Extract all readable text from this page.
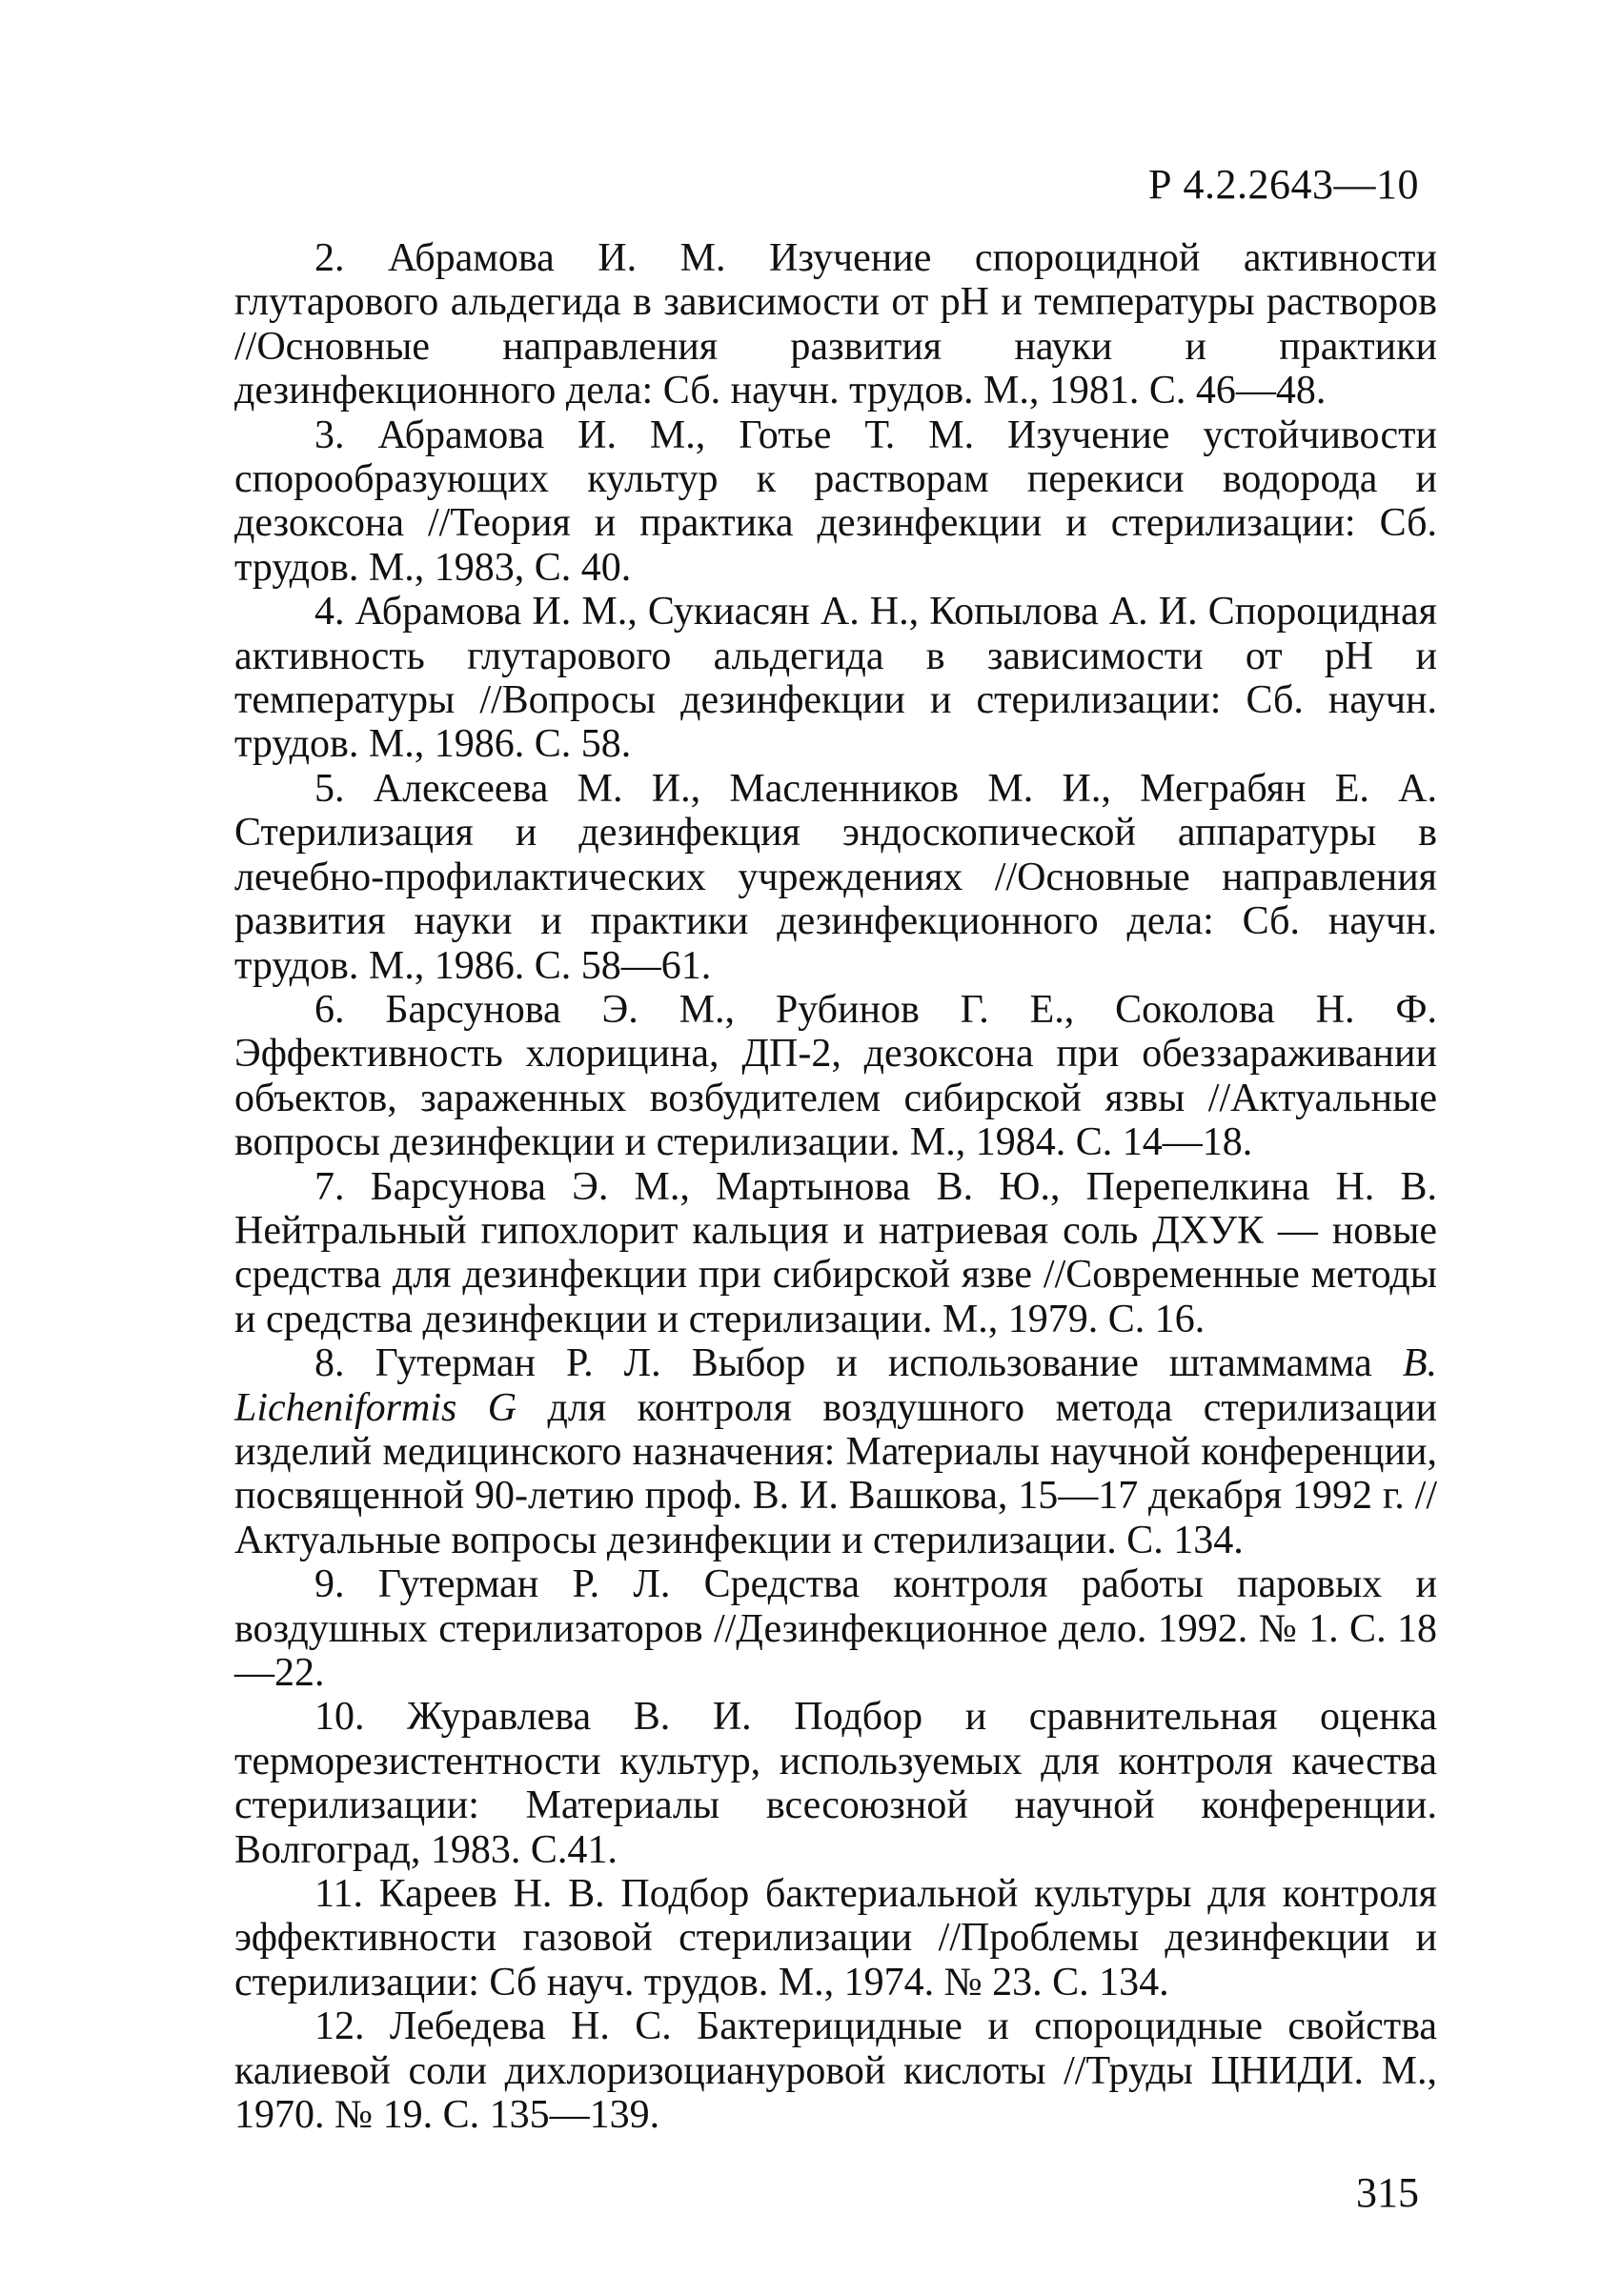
Р 4.2.2643—10

2. Абрамова И. М. Изучение спороцидной активности глутарового альдегида в зависимости от рН и температуры растворов //Основные направления развития науки и практики дезинфекционного дела: Сб. научн. трудов. М., 1981. С. 46—48.

3. Абрамова И. М., Готье Т. М. Изучение устойчивости спорообразующих культур к растворам перекиси водорода и дезоксона //Теория и практика дезинфекции и стерилизации: Сб. трудов. М., 1983, С. 40.

4. Абрамова И. М., Сукиасян А. Н., Копылова А. И. Спороцидная активность глутарового альдегида в зависимости от рН и температуры //Вопросы дезинфекции и стерилизации: Сб. научн. трудов. М., 1986. С. 58.

5. Алексеева М. И., Масленников М. И., Меграбян Е. А. Стерилизация и дезинфекция эндоскопической аппаратуры в лечебно-профилактических учреждениях //Основные направления развития науки и практики дезинфекционного дела: Сб. научн. трудов. М., 1986. С. 58—61.

6. Барсунова Э. М., Рубинов Г. Е., Соколова Н. Ф. Эффективность хлорицина, ДП-2, дезоксона при обеззараживании объектов, зараженных возбудителем сибирской язвы //Актуальные вопросы дезинфекции и стерилизации. М., 1984. С. 14—18.

7. Барсунова Э. М., Мартынова В. Ю., Перепелкина Н. В. Нейтральный гипохлорит кальция и натриевая соль ДХУК — новые средства для дезинфекции при сибирской язве //Современные методы и средства дезинфекции и стерилизации. М., 1979. С. 16.

8. Гутерман Р. Л. Выбор и использование штаммамма B. Licheniformis G для контроля воздушного метода стерилизации изделий медицинского назначения: Материалы научной конференции, посвященной 90-летию проф. В. И. Вашкова, 15—17 декабря 1992 г. //Актуальные вопросы дезинфекции и стерилизации. С. 134.

9. Гутерман Р. Л. Средства контроля работы паровых и воздушных стерилизаторов //Дезинфекционное дело. 1992. № 1. С. 18—22.

10. Журавлева В. И. Подбор и сравнительная оценка терморезистентности культур, используемых для контроля качества стерилизации: Материалы всесоюзной научной конференции. Волгоград, 1983. С.41.

11. Кареев Н. В. Подбор бактериальной культуры для контроля эффективности газовой стерилизации //Проблемы дезинфекции и стерилизации: Сб науч. трудов. М., 1974. № 23. С. 134.

12. Лебедева Н. С. Бактерицидные и спороцидные свойства калиевой соли дихлоризоциануровой кислоты //Труды ЦНИДИ. М., 1970. № 19. С. 135—139.

315
